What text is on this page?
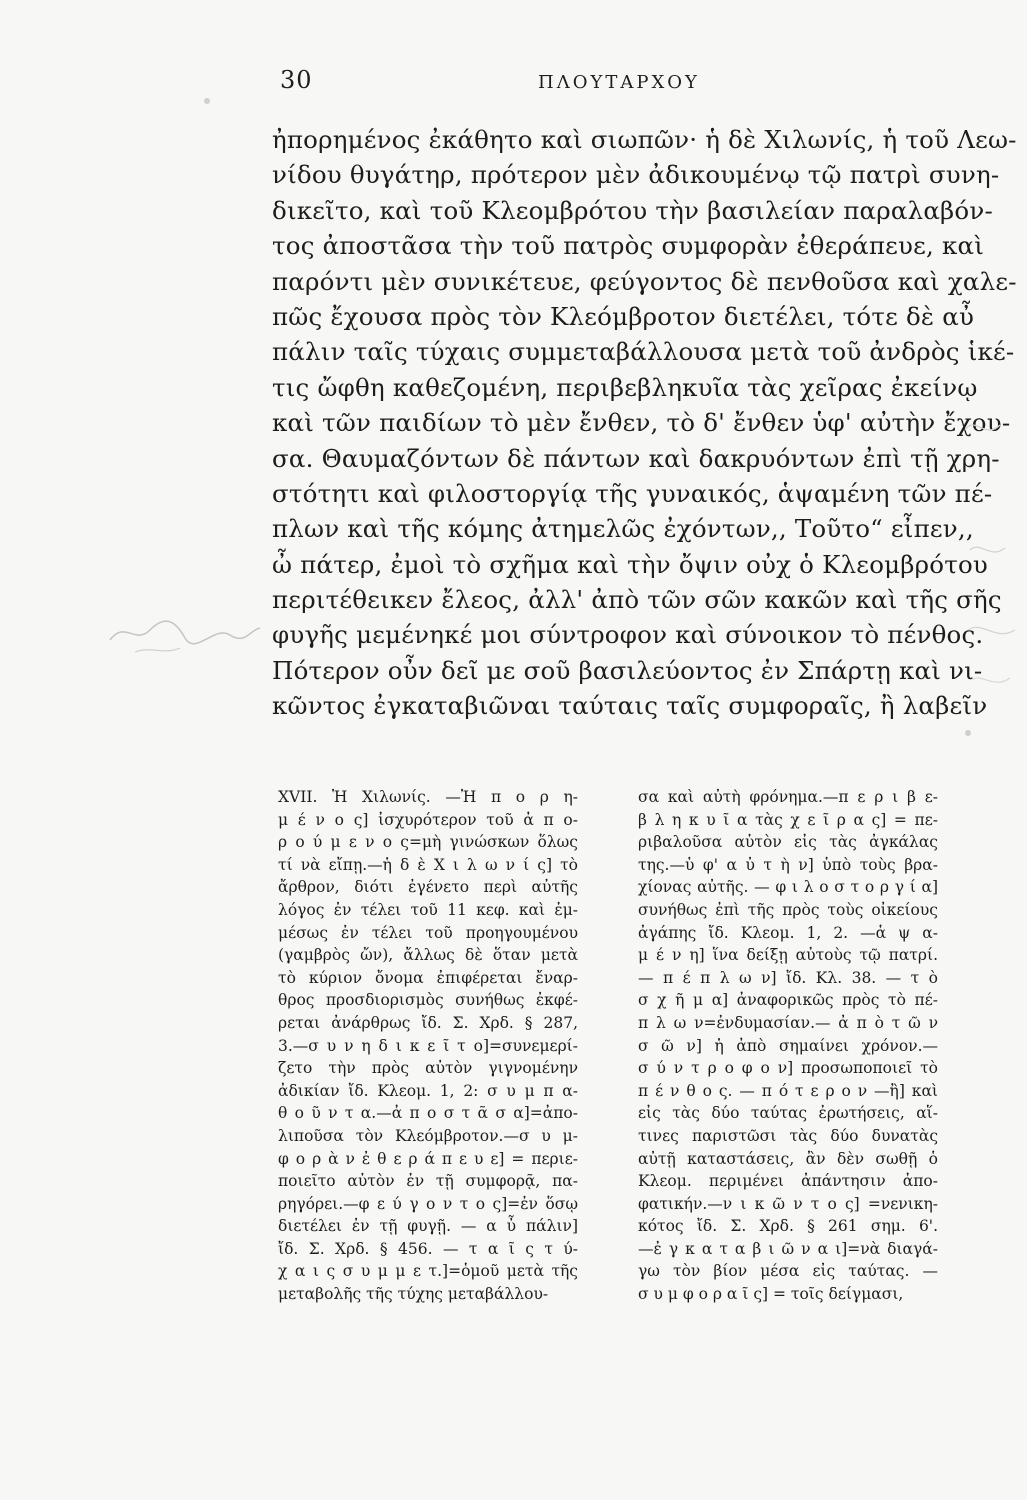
30	ΠΛΟΥΤΑΡΧΟΥ
ἠπορημένος ἐκάθητο καὶ σιωπῶν· ἡ δὲ Χιλωνίς, ἡ τοῦ Λεω-
νίδου θυγάτηρ, πρότερον μὲν ἀδικουμένῳ τῷ πατρὶ συνη-
δικεῖτο, καὶ τοῦ Κλεομβρότου τὴν βασιλείαν παραλαβόν-
τος ἀποστᾶσα τὴν τοῦ πατρὸς συμφορὰν ἐθεράπευε, καὶ
παρόντι μὲν συνικέτευε, φεύγοντος δὲ πενθοῦσα καὶ χαλε-
πῶς ἔχουσα πρὸς τὸν Κλεόμβροτον διετέλει, τότε δὲ αὖ
πάλιν ταῖς τύχαις συμμεταβάλλουσα μετὰ τοῦ ἀνδρὸς ἱκέ-
τις ὤφθη καθεζομένη, περιβεβληκυῖα τὰς χεῖρας ἐκείνῳ
καὶ τῶν παιδίων τὸ μὲν ἔνθεν, τὸ δ' ἔνθεν ὑφ' αὐτὴν ἔχου-
σα. Θαυμαζόντων δὲ πάντων καὶ δακρυόντων ἐπὶ τῇ χρη-
στότητι καὶ φιλοστοργίᾳ τῆς γυναικός, ἁψαμένη τῶν πέ-
πλων καὶ τῆς κόμης ἀτημελῶς ἐχόντων,, Τοῦτο“ εἶπεν,,
ὦ πάτερ, ἐμοὶ τὸ σχῆμα καὶ τὴν ὄψιν οὐχ ὁ Κλεομβρότου
περιτέθεικεν ἔλεος, ἀλλ' ἀπὸ τῶν σῶν κακῶν καὶ τῆς σῆς
φυγῆς μεμένηκέ μοι σύντροφον καὶ σύνοικον τὸ πένθος.
Πότερον οὖν δεῖ με σοῦ βασιλεύοντος ἐν Σπάρτῃ καὶ νι-
κῶντος ἐγκαταβιῶναι ταύταις ταῖς συμφοραῖς, ἢ λαβεῖν
XVII. Ἡ Χιλωνίς. —Ἠ π ο ρ η-
μ έ ν ο ς] ἰσχυρότερον τοῦ ἀ π ο-
ρ ο ύ μ ε ν ο ς=μὴ γινώσκων ὅλως
τί νὰ εἴπῃ.—ἡ δ ὲ Χ ι λ ω ν ί ς] τὸ
ἄρθρον, διότι ἐγένετο περὶ αὐτῆς
λόγος ἐν τέλει τοῦ 11 κεφ. καὶ ἐμ-
μέσως ἐν τέλει τοῦ προηγουμένου
(γαμβρὸς ὤν), ἄλλως δὲ ὅταν μετὰ
τὸ κύριον ὄνομα ἐπιφέρεται ἔναρ-
θρος προσδιορισμὸς συνήθως ἐκφέ-
ρεται ἀνάρθρως ἴδ. Σ. Χρδ. § 287,
3.—σ υ ν η δ ι κ ε ῖ τ ο]=συνεμερί-
ζετο τὴν πρὸς αὐτὸν γιγνομένην
ἀδικίαν ἴδ. Κλεομ. 1, 2: σ υ μ π α-
θ ο ῦ ν τ α.—ἀ π ο σ τ ᾶ σ α]=ἀπο-
λιποῦσα τὸν Κλεόμβροτον.—σ υ μ-
φ ο ρ ὰ ν ἐ θ ε ρ ά π ε υ ε] = περιε-
ποιεῖτο αὐτὸν ἐν τῇ συμφορᾷ, πα-
ρηγόρει.—φ ε ύ γ ο ν τ ο ς]=ἐν ὅσῳ
διετέλει ἐν τῇ φυγῇ. — α ὖ πάλιν]
ἴδ. Σ. Χρδ. § 456. — τ α ῖ ς τ ύ-
χ α ι ς σ υ μ μ ε τ.]=ὁμοῦ μετὰ τῆς
μεταβολῆς τῆς τύχης μεταβάλλου-
σα καὶ αὐτὴ φρόνημα.—π ε ρ ι β ε-
β λ η κ υ ῖ α τὰς χ ε ῖ ρ α ς] = πε-
ριβαλοῦσα αὐτὸν εἰς τὰς ἀγκάλας
της.—ὑ φ' α ὐ τ ὴ ν] ὑπὸ τοὺς βρα-
χίονας αὐτῆς. — φ ι λ ο σ τ ο ρ γ ί α]
συνήθως ἐπὶ τῆς πρὸς τοὺς οἰκείους
ἀγάπης ἴδ. Κλεομ. 1, 2. —ἁ ψ α-
μ έ ν η] ἵνα δείξῃ αὐτοὺς τῷ πατρί.
— π έ π λ ω ν] ἴδ. Κλ. 38. — τ ὸ
σ χ ῆ μ α] ἀναφορικῶς πρὸς τὸ πέ-
π λ ω ν=ἐνδυμασίαν.— ἀ π ὸ τ ῶ ν
σ ῶ ν] ἡ ἀπὸ σημαίνει χρόνον.—
σ ύ ν τ ρ ο φ ο ν] προσωποποιεῖ τὸ
π έ ν θ ο ς. — π ό τ ε ρ ο ν —ἢ] καὶ
εἰς τὰς δύο ταύτας ἐρωτήσεις, αἵ-
τινες παριστῶσι τὰς δύο δυνατὰς
αὐτῇ καταστάσεις, ἂν δὲν σωθῇ ὁ
Κλεομ. περιμένει ἀπάντησιν ἀπο-
φατικήν.—ν ι κ ῶ ν τ ο ς] =νενικη-
κότος ἴδ. Σ. Χρδ. § 261 σημ. 6'.
—ἐ γ κ α τ α β ι ῶ ν α ι]=νὰ διαγά-
γω τὸν βίον μέσα εἰς ταύτας. —
σ υ μ φ ο ρ α ῖ ς] = τοῖς δείγμασι,
